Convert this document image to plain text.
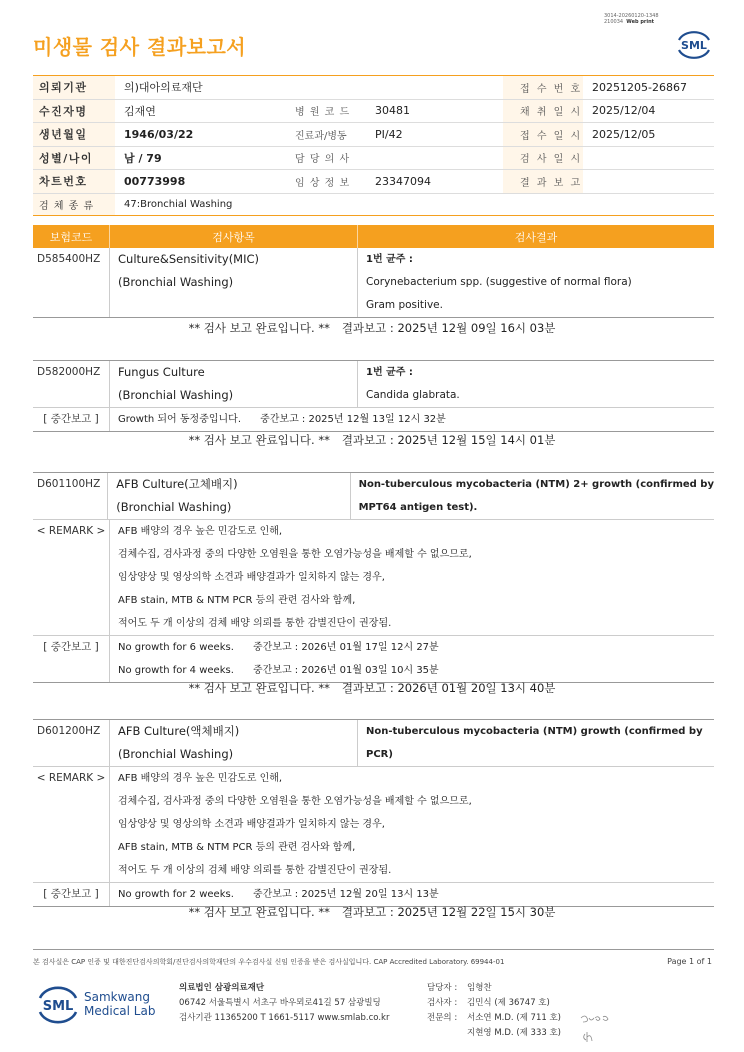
미생물 검사 결과보고서
3014-20260120-1348
210034 Web print
SML
의뢰기관	의)대아의료재단	접 수 번 호 20251205-26867
수진자명	김재연	병 원 코 드	30481	채 취 일 시 2025/12/04
생년월일	1946/03/22	진료과/병동	PI/42	접 수 일 시 2025/12/05
성별/나이	남 / 79	담 당 의 사	검 사 일 시
차트번호	00773998	임 상 정 보	23347094	결 과 보 고
검 체 종 류	47:Bronchial Washing
보험코드	검사항목	검사결과
D585400HZ	Culture&Sensitivity(MIC)
(Bronchial Washing)
1번 균주 :
Corynebacterium spp. (suggestive of normal flora)
Gram positive.
** 검사 보고 완료입니다. ** 결과보고 : 2025년 12월 09일 16시 03분
D582000HZ	Fungus Culture
(Bronchial Washing)
1번 균주 :
Candida glabrata.
[ 중간보고 ]	Growth 되어 동정중입니다. 중간보고 : 2025년 12월 13일 12시 32분
** 검사 보고 완료입니다. ** 결과보고 : 2025년 12월 15일 14시 01분
D601100HZ	AFB Culture(고체배지)
(Bronchial Washing)
Non-tuberculous mycobacteria (NTM) 2+ growth (confirmed by
MPT64 antigen test).
< REMARK >	AFB 배양의 경우 높은 민감도로 인해,
검체수집, 검사과정 중의 다양한 오염원을 통한 오염가능성을 배제할 수 없으므로,
임상양상 및 영상의학 소견과 배양결과가 일치하지 않는 경우,
AFB stain, MTB & NTM PCR 등의 관련 검사와 함께,
적어도 두 개 이상의 검체 배양 의뢰를 통한 감별진단이 권장됨.
[ 중간보고 ]	No growth for 6 weeks. 중간보고 : 2026년 01월 17일 12시 27분
No growth for 4 weeks. 중간보고 : 2026년 01월 03일 10시 35분
** 검사 보고 완료입니다. ** 결과보고 : 2026년 01월 20일 13시 40분
D601200HZ	AFB Culture(액체배지)
(Bronchial Washing)
Non-tuberculous mycobacteria (NTM) growth (confirmed by
PCR)
< REMARK >	AFB 배양의 경우 높은 민감도로 인해,
검체수집, 검사과정 중의 다양한 오염원을 통한 오염가능성을 배제할 수 없으므로,
임상양상 및 영상의학 소견과 배양결과가 일치하지 않는 경우,
AFB stain, MTB & NTM PCR 등의 관련 검사와 함께,
적어도 두 개 이상의 검체 배양 의뢰를 통한 감별진단이 권장됨.
[ 중간보고 ]	No growth for 2 weeks. 중간보고 : 2025년 12월 20일 13시 13분
** 검사 보고 완료입니다. ** 결과보고 : 2025년 12월 22일 15시 30분
본 검사실은 CAP 인증 및 대한진단검사의학회/진단검사의학재단의 우수검사실 신임 인증을 받은 검사실입니다. CAP Accredited Laboratory. 69944-01	Page 1 of 1
SML
Samkwang
Medical Lab
의료법인 삼광의료재단
06742 서울특별시 서초구 바우뫼로41길 57 삼광빌딩
검사기관 11365200 T 1661-5117 www.smlab.co.kr
담당자 : 임형찬
검사자 : 김민식 (제 36747 호)
전문의 : 서소연 M.D. (제 711 호)
지현영 M.D. (제 333 호)
